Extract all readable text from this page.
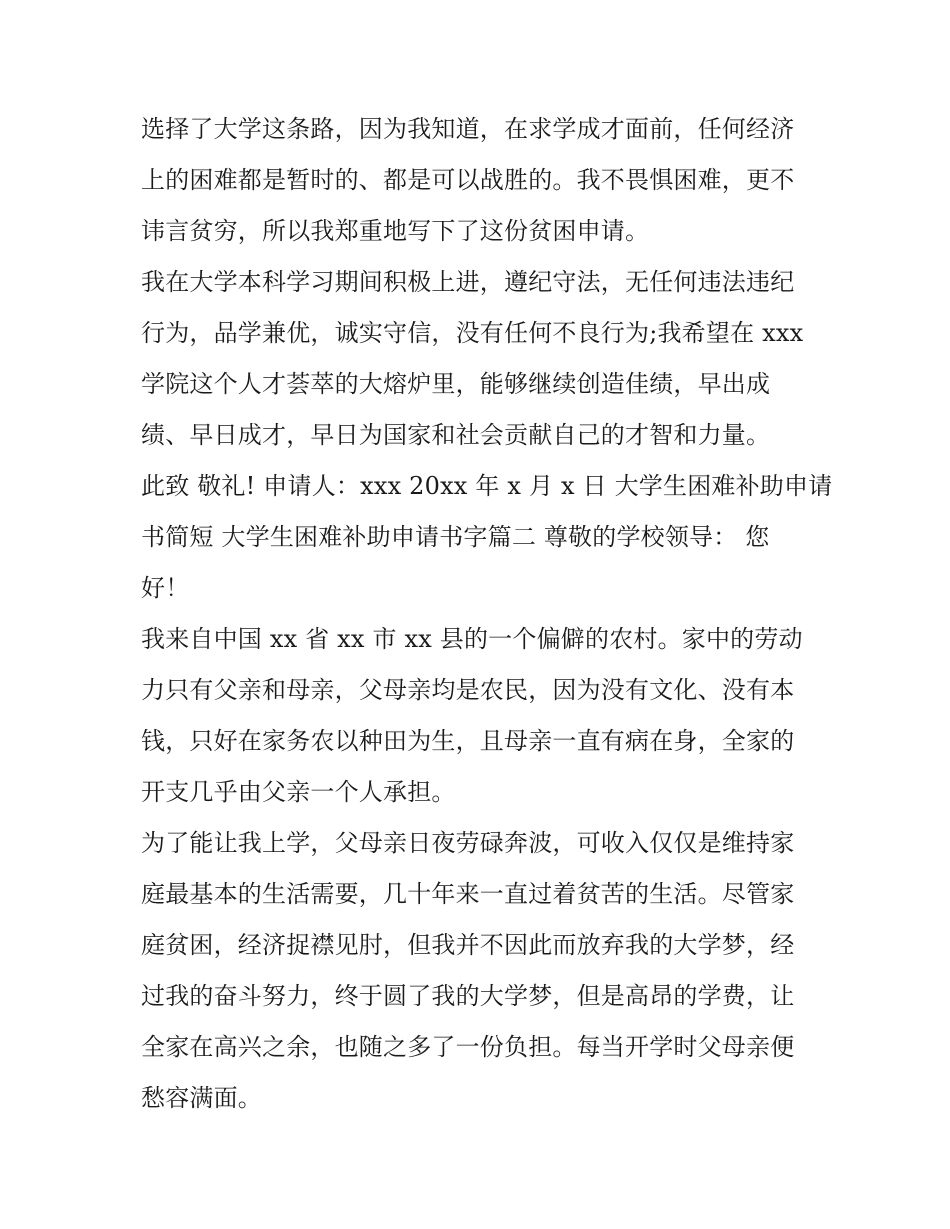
选择了大学这条路，因为我知道，在求学成才面前，任何经济
上的困难都是暂时的、都是可以战胜的。我不畏惧困难，更不
讳言贫穷，所以我郑重地写下了这份贫困申请。
我在大学本科学习期间积极上进，遵纪守法，无任何违法违纪
行为，品学兼优，诚实守信，没有任何不良行为;我希望在 xxx
学院这个人才荟萃的大熔炉里，能够继续创造佳绩，早出成
绩、早日成才，早日为国家和社会贡献自己的才智和力量。
此致 敬礼! 申请人：xxx 20xx 年 x 月 x 日 大学生困难补助申请
书简短 大学生困难补助申请书字篇二 尊敬的学校领导： 您
好！
我来自中国 xx 省 xx 市 xx 县的一个偏僻的农村。家中的劳动
力只有父亲和母亲，父母亲均是农民，因为没有文化、没有本
钱，只好在家务农以种田为生，且母亲一直有病在身，全家的
开支几乎由父亲一个人承担。
为了能让我上学，父母亲日夜劳碌奔波，可收入仅仅是维持家
庭最基本的生活需要，几十年来一直过着贫苦的生活。尽管家
庭贫困，经济捉襟见肘，但我并不因此而放弃我的大学梦，经
过我的奋斗努力，终于圆了我的大学梦，但是高昂的学费，让
全家在高兴之余，也随之多了一份负担。每当开学时父母亲便
愁容满面。
